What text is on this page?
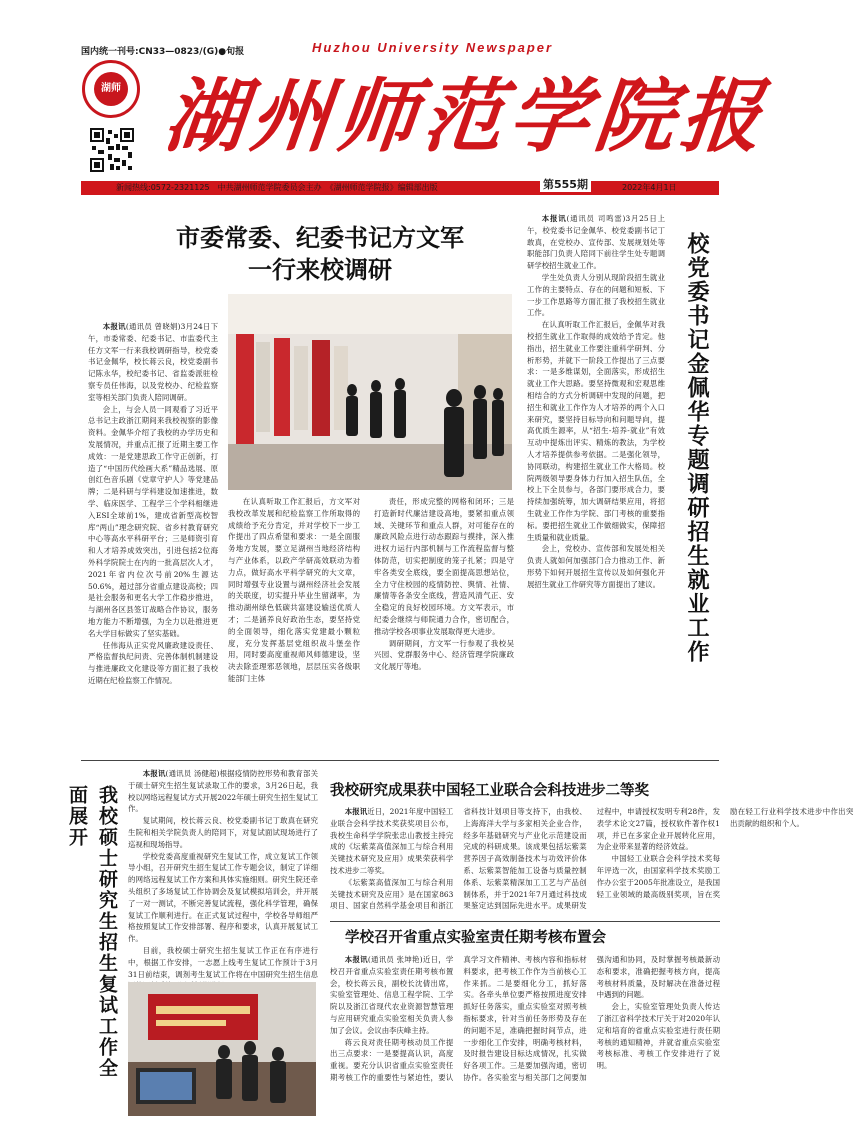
国内统一刊号:CN33—0823/(G)●旬报	Huzhou University Newspaper
湖师 湖州师范学院报
新闻热线:0572-2321125　中共湖州师范学院委员会主办　《湖州师范学院报》编辑部出版	第555期	2022年4月1日
市委常委、纪委书记方文军
一行来校调研

本报讯(通讯员 曾晓娟)3月24日下午，市委常委、纪委书记、市监委代主任方文军一行来我校调研指导，校党委书记金佩华，校长蒋云良，校党委副书记陈永华，校纪委书记、省监委派驻检察专员任伟海，以及党校办、纪检监察室等相关部门负责人陪同调研。

会上，与会人员一同观看了习近平总书记主政浙江期间来我校视察的影像资料。金佩华介绍了我校的办学历史和发展情况，并重点汇报了近期主要工作成效：一是党建思政工作守正创新，打造了“中国历代绘画大系”精品选展、原创红色音乐剧《党章守护人》等党建品牌；二是科研与学科建设加速推进，数学、临床医学、工程学三个学科相继进入ESI全球前1%，建成省新型高校智库“两山”理念研究院、省乡村教育研究中心等高水平科研平台；三是师资引育和人才培养成效突出，引进包括2位海外科学院院士在内的一批高层次人才，2021年省内位次号前20%生源达50.6%，超过部分省重点建设高校；四是社会服务和更名大学工作稳步推进，与湖州各区县签订战略合作协议，服务地方能力不断增强，为全力以赴推进更名大学目标做实了坚实基础。

任伟海从正实党风廉政建设责任、严格监督执纪问责、完善体制机制建设与推进廉政文化建设等方面汇报了我校近期在纪检监察工作情况。

在认真听取工作汇报后，方文军对我校改革发展和纪检监察工作所取得的成绩给予充分肯定，并对学校下一步工作提出了四点希望和要求：一是全面服务地方发展，要立足湖州当地经济结构与产业体系，以政产学研高效联动为着力点，做好高水平科学研究的大文章，同时增强专业设置与湖州经济社会发展的关联度，切实提升毕业生留湖率，为推动湖州绿色低碳共富建设输送优质人才；二是涵养良好政治生态，要坚持党的全面领导，细化落实党建最小颗粒度，充分发挥基层党组织战斗堡垒作用，同时要高度重视师风师德建设，坚决去除歪理邪恶领地，层层压实各级职能部门主体

责任，形成完整的网格和闭环；三是打造新时代廉洁建设高地，要紧扣重点领域、关键环节和重点人群，对可能存在的廉政风险点进行动态跟踪与摸排，深入推进权力运行内部机制与工作流程监督与整体防范，切实把制度的笼子扎紧；四是守牢各类安全底线，要全面提高思想站位，全力守住校园的疫情防控、舆情、社情、廉情等各条安全底线，营造风清气正、安全稳定的良好校园环境。方文军表示，市纪委会继续与师院通力合作，密切配合，推动学校各项事业发展取得更大进步。

调研期间，方文军一行参观了我校吴兴园、党群服务中心、经济管理学院廉政文化展厅等地。

本报讯(通讯员 司鸣雷)3月25日上午，校党委书记金佩华、校党委副书记丁敢真，在党校办、宣传部、发展规划处等职能部门负责人陪同下前往学生处专题调研学校招生就业工作。

学生处负责人分别从现阶段招生就业工作的主要特点、存在的问题和短板、下一步工作思路等方面汇报了我校招生就业工作。

在认真听取工作汇报后，金佩华对我校招生就业工作取得的成效给予肯定。他指出，招生就业工作要注重科学研判、分析形势，并就下一阶段工作提出了三点要求：一是多维谋划，全面落实，形成招生就业工作大思路。要坚持微观和宏观思维相结合的方式分析调研中发现的问题，把招生和就业工作作为人才培养的两个入口来研究，要坚持目标导向和问题导向，提高优质生源率，从“招生-培养-就业”有效互动中提炼出评实、精炼的教法，为学校人才培养提供参考依据。二是强化领导，协同联动，构建招生就业工作大格局。校院两级领导要身体力行加入招生队伍，全校上下全员参与，各部门要形成合力，要持续加强统筹，加大调研结果应用，将招生就业工作作为学院、部门考核的重要指标。要把招生就业工作做细做实，保障招生质量和就业质量。

会上，党校办、宣传部和发展处相关负责人就如何加强部门合力推动工作、新形势下如何开展招生宣传以及如何强化开展招生就业工作研究等方面提出了建议。	校党委书记金佩华专题调研招生就业工作
我校硕士研究生招生复试工作全面展开

本报讯(通讯员 汤健超)根据疫情防控形势和教育部关于硕士研究生招生复试录取工作的要求，3月26日起，我校以网络远程复试方式开展2022年硕士研究生招生复试工作。

复试期间，校长蒋云良、校党委副书记丁敢真在研究生院和相关学院负责人的陪同下，对复试面试现场进行了巡视和现场指导。

学校党委高度重视研究生复试工作，成立复试工作领导小组，召开研究生招生复试工作专题会议，制定了详细的网络远程复试工作方案和具体实施细则。研究生院还牵头组织了多场复试工作协调会及复试模拟培训会，并开展了一对一测试，不断完善复试流程，强化科学管理，确保复试工作顺利进行。在正式复试过程中，学校各导师组严格按照复试工作安排部署、程序和要求，认真开展复试工作。

目前，我校硕士研究生招生复试工作正在有序进行中，根据工作安排，一志愿上线考生复试工作预计于3月31日前结束，调剂考生复试工作将在中国研究生招生信息

我校研究成果获中国轻工业联合会科技进步二等奖

本报讯近日，2021年度中国轻工业联合会科学技术奖获奖项目公布，我校生命科学学院张忠山教授主持完成的《坛紫菜高值深加工与综合利用关键技术研究及应用》成果荣获科学技术进步二等奖。

《坛紫菜高值深加工与综合利用关键技术研究及应用》是在国家863项目、国家自然科学基金项目和浙江省科技计划项目等支持下，由我校、上海海洋大学与多家相关企业合作，经多年基础研究与产业化示范建设而完成的科研成果。该成果包括坛紫菜营养因子高效制备技术与功效评价体系、坛紫菜智能加工设备与质量控制体系、坛紫菜精深加工工艺与产品创制体系，并于2021年7月通过科技成果鉴定达到国际先进水平。成果研发过程中，申请授权发明专利28件，发表学术论文27篇，授权软件著作权1项，并已在多家企业开展转化应用，为企业带来显著的经济效益。

中国轻工业联合会科学技术奖每年评选一次，由国家科学技术奖励工作办公室于2005年批准设立，是我国轻工业领域的最高级别奖项，旨在奖励在轻工行业科学技术进步中作出突出贡献的组织和个人。

学校召开省重点实验室责任期考核布置会

本报讯(通讯员 张坤艳)近日，学校召开省重点实验室责任期考核布置会，校长蒋云良，副校长沈倩出席，实验室管理处、信息工程学院、工学院以及浙江省现代农业资源智慧管理与应用研究重点实验室相关负责人参加了会议。会议由李庆峰主持。

蒋云良对责任期考核动员工作提出三点要求：一是要提高认识，高度重视。要充分认识省重点实验室责任期考核工作的重要性与紧迫性，要认真学习文件精神、考核内容和指标材料要求，把考核工作作为当前核心工作来抓。二是要细化分工，抓好落实。各牵头单位要严格按照进度安排抓好任务落实，重点实验室对照考核指标要求，针对当前任务形势及存在的问题不足，准确把握时间节点，进一步细化工作安排，明确考核材料，及时报告建设目标达成情况，扎实做好各项工作。三是要加强沟通，密切协作。各实验室与相关部门之间要加强沟通和协同，及时掌握考核最新动态和要求，准确把握考核方向，提高考核材料质量，及时解决在准备过程中遇到的问题。

会上，实验室管理处负责人传达了浙江省科学技术厅关于对2020年认定和培育的省重点实验室进行责任期考核的通知精神，并就省重点实验室考核标准、考核工作安排进行了说明。
